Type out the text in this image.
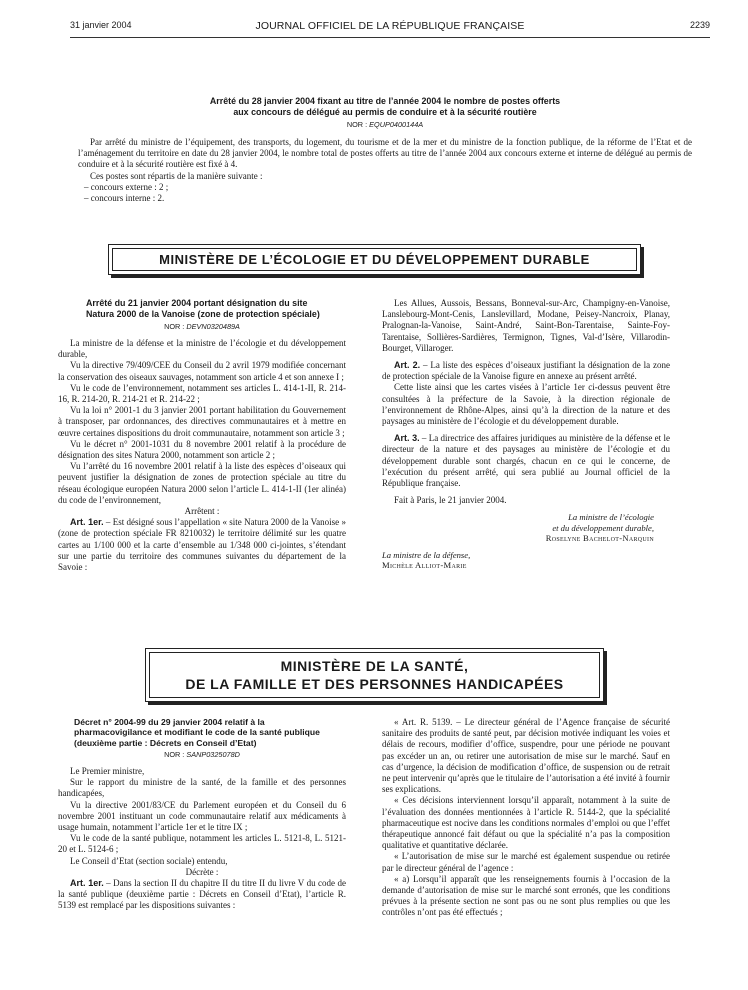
31 janvier 2004	JOURNAL OFFICIEL DE LA RÉPUBLIQUE FRANÇAISE	2239

Arrêté du 28 janvier 2004 fixant au titre de l’année 2004 le nombre de postes offerts

aux concours de délégué au permis de conduire et à la sécurité routière

NOR : EQUP0400144A

Par arrêté du ministre de l’équipement, des transports, du logement, du tourisme et de la mer et du ministre de la fonction publique, de la réforme de l’Etat et de l’aménagement du territoire en date du 28 janvier 2004, le nombre total de postes offerts au titre de l’année 2004 aux concours externe et interne de délégué au permis de conduire et à la sécurité routière est fixé à 4.

Ces postes sont répartis de la manière suivante :

– concours externe : 2 ;

– concours interne : 2.

MINISTÈRE DE L’ÉCOLOGIE ET DU DÉVELOPPEMENT DURABLE

Arrêté du 21 janvier 2004 portant désignation du site Natura 2000 de la Vanoise (zone de protection spéciale)

NOR : DEVN0320489A

La ministre de la défense et la ministre de l’écologie et du développement durable,

Vu la directive 79/409/CEE du Conseil du 2 avril 1979 modifiée concernant la conservation des oiseaux sauvages, notamment son article 4 et son annexe I ;

Vu le code de l’environnement, notamment ses articles L. 414-1-II, R. 214-16, R. 214-20, R. 214-21 et R. 214-22 ;

Vu la loi n° 2001-1 du 3 janvier 2001 portant habilitation du Gouvernement à transposer, par ordonnances, des directives communautaires et à mettre en œuvre certaines dispositions du droit communautaire, notamment son article 3 ;

Vu le décret n° 2001-1031 du 8 novembre 2001 relatif à la procédure de désignation des sites Natura 2000, notamment son article 2 ;

Vu l’arrêté du 16 novembre 2001 relatif à la liste des espèces d’oiseaux qui peuvent justifier la désignation de zones de protection spéciale au titre du réseau écologique européen Natura 2000 selon l’article L. 414-1-II (1er alinéa) du code de l’environnement,

Arrêtent :

Art. 1er. – Est désigné sous l’appellation « site Natura 2000 de la Vanoise » (zone de protection spéciale FR 8210032) le territoire délimité sur les quatre cartes au 1/100 000 et la carte d’ensemble au 1/348 000 ci-jointes, s’étendant sur une partie du territoire des communes suivantes du département de la Savoie :

Les Allues, Aussois, Bessans, Bonneval-sur-Arc, Champigny-en-Vanoise, Lanslebourg-Mont-Cenis, Lanslevillard, Modane, Peisey-Nancroix, Planay, Pralognan-la-Vanoise, Saint-André, Saint-Bon-Tarentaise, Sainte-Foy-Tarentaise, Sollières-Sardières, Termignon, Tignes, Val-d’Isère, Villarodin-Bourget, Villaroger.

Art. 2. – La liste des espèces d’oiseaux justifiant la désignation de la zone de protection spéciale de la Vanoise figure en annexe au présent arrêté.

Cette liste ainsi que les cartes visées à l’article 1er ci-dessus peuvent être consultées à la préfecture de la Savoie, à la direction régionale de l’environnement de Rhône-Alpes, ainsi qu’à la direction de la nature et des paysages au ministère de l’écologie et du développement durable.

Art. 3. – La directrice des affaires juridiques au ministère de la défense et le directeur de la nature et des paysages au ministère de l’écologie et du développement durable sont chargés, chacun en ce qui le concerne, de l’exécution du présent arrêté, qui sera publié au Journal officiel de la République française.

Fait à Paris, le 21 janvier 2004.

La ministre de l’écologie
et du développement durable,
Roselyne Bachelot-Narquin

La ministre de la défense,
Michèle Alliot-Marie

MINISTÈRE DE LA SANTÉ,
DE LA FAMILLE ET DES PERSONNES HANDICAPÉES

Décret n° 2004-99 du 29 janvier 2004 relatif à la pharmacovigilance et modifiant le code de la santé publique (deuxième partie : Décrets en Conseil d’Etat)

NOR : SANP0325078D

Le Premier ministre,

Sur le rapport du ministre de la santé, de la famille et des personnes handicapées,

Vu la directive 2001/83/CE du Parlement européen et du Conseil du 6 novembre 2001 instituant un code communautaire relatif aux médicaments à usage humain, notamment l’article 1er et le titre IX ;

Vu le code de la santé publique, notamment les articles L. 5121-8, L. 5121-20 et L. 5124-6 ;

Le Conseil d’Etat (section sociale) entendu,

Décrète :

Art. 1er. – Dans la section II du chapitre II du titre II du livre V du code de la santé publique (deuxième partie : Décrets en Conseil d’Etat), l’article R. 5139 est remplacé par les dispositions suivantes :

« Art. R. 5139. – Le directeur général de l’Agence française de sécurité sanitaire des produits de santé peut, par décision motivée indiquant les voies et délais de recours, modifier d’office, suspendre, pour une période ne pouvant pas excéder un an, ou retirer une autorisation de mise sur le marché. Sauf en cas d’urgence, la décision de modification d’office, de suspension ou de retrait ne peut intervenir qu’après que le titulaire de l’autorisation a été invité à fournir ses explications.

« Ces décisions interviennent lorsqu’il apparaît, notamment à la suite de l’évaluation des données mentionnées à l’article R. 5144-2, que la spécialité pharmaceutique est nocive dans les conditions normales d’emploi ou que l’effet thérapeutique annoncé fait défaut ou que la spécialité n’a pas la composition qualitative et quantitative déclarée.

« L’autorisation de mise sur le marché est également suspendue ou retirée par le directeur général de l’agence :

« a) Lorsqu’il apparaît que les renseignements fournis à l’occasion de la demande d’autorisation de mise sur le marché sont erronés, que les conditions prévues à la présente section ne sont pas ou ne sont plus remplies ou que les contrôles n’ont pas été effectués ;
